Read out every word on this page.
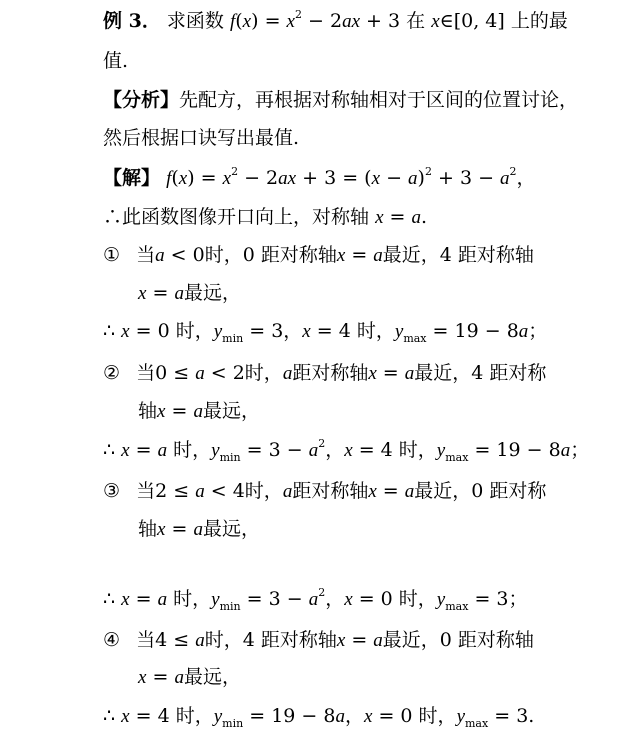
例 3． 求函数 $f(x) = x^2 - 2ax + 3$ 在 x∈[0, 4] 上的最
值.
【分析】先配方，再根据对称轴相对于区间的位置讨论，
然后根据口诀写出最值.
【解】 $f(x) = x^2 - 2ax + 3 = (x - a)^2 + 3 - a^2$，
∴此函数图像开口向上，对称轴 x = a.
① 当a < 0时，0 距对称轴x = a最近，4 距对称轴
x = a最远，
∴ x = 0 时，$y_{min} = 3$，x = 4 时，$y_{max} = 19 - 8a$；
② 当0 ≤ a < 2时，a距对称轴x = a最近，4 距对称
轴x = a最远，
∴ x = a 时，$y_{min} = 3 - a^2$，x = 4 时，$y_{max} = 19 - 8a$；
③ 当2 ≤ a < 4时，a距对称轴x = a最近，0 距对称
轴x = a最远，
∴ x = a 时，$y_{min} = 3 - a^2$，x = 0 时，$y_{max} = 3$；
④ 当4 ≤ a时，4 距对称轴x = a最近，0 距对称轴
x = a最远，
∴ x = 4 时，$y_{min} = 19 - 8a$，x = 0 时，$y_{max} = 3$.
